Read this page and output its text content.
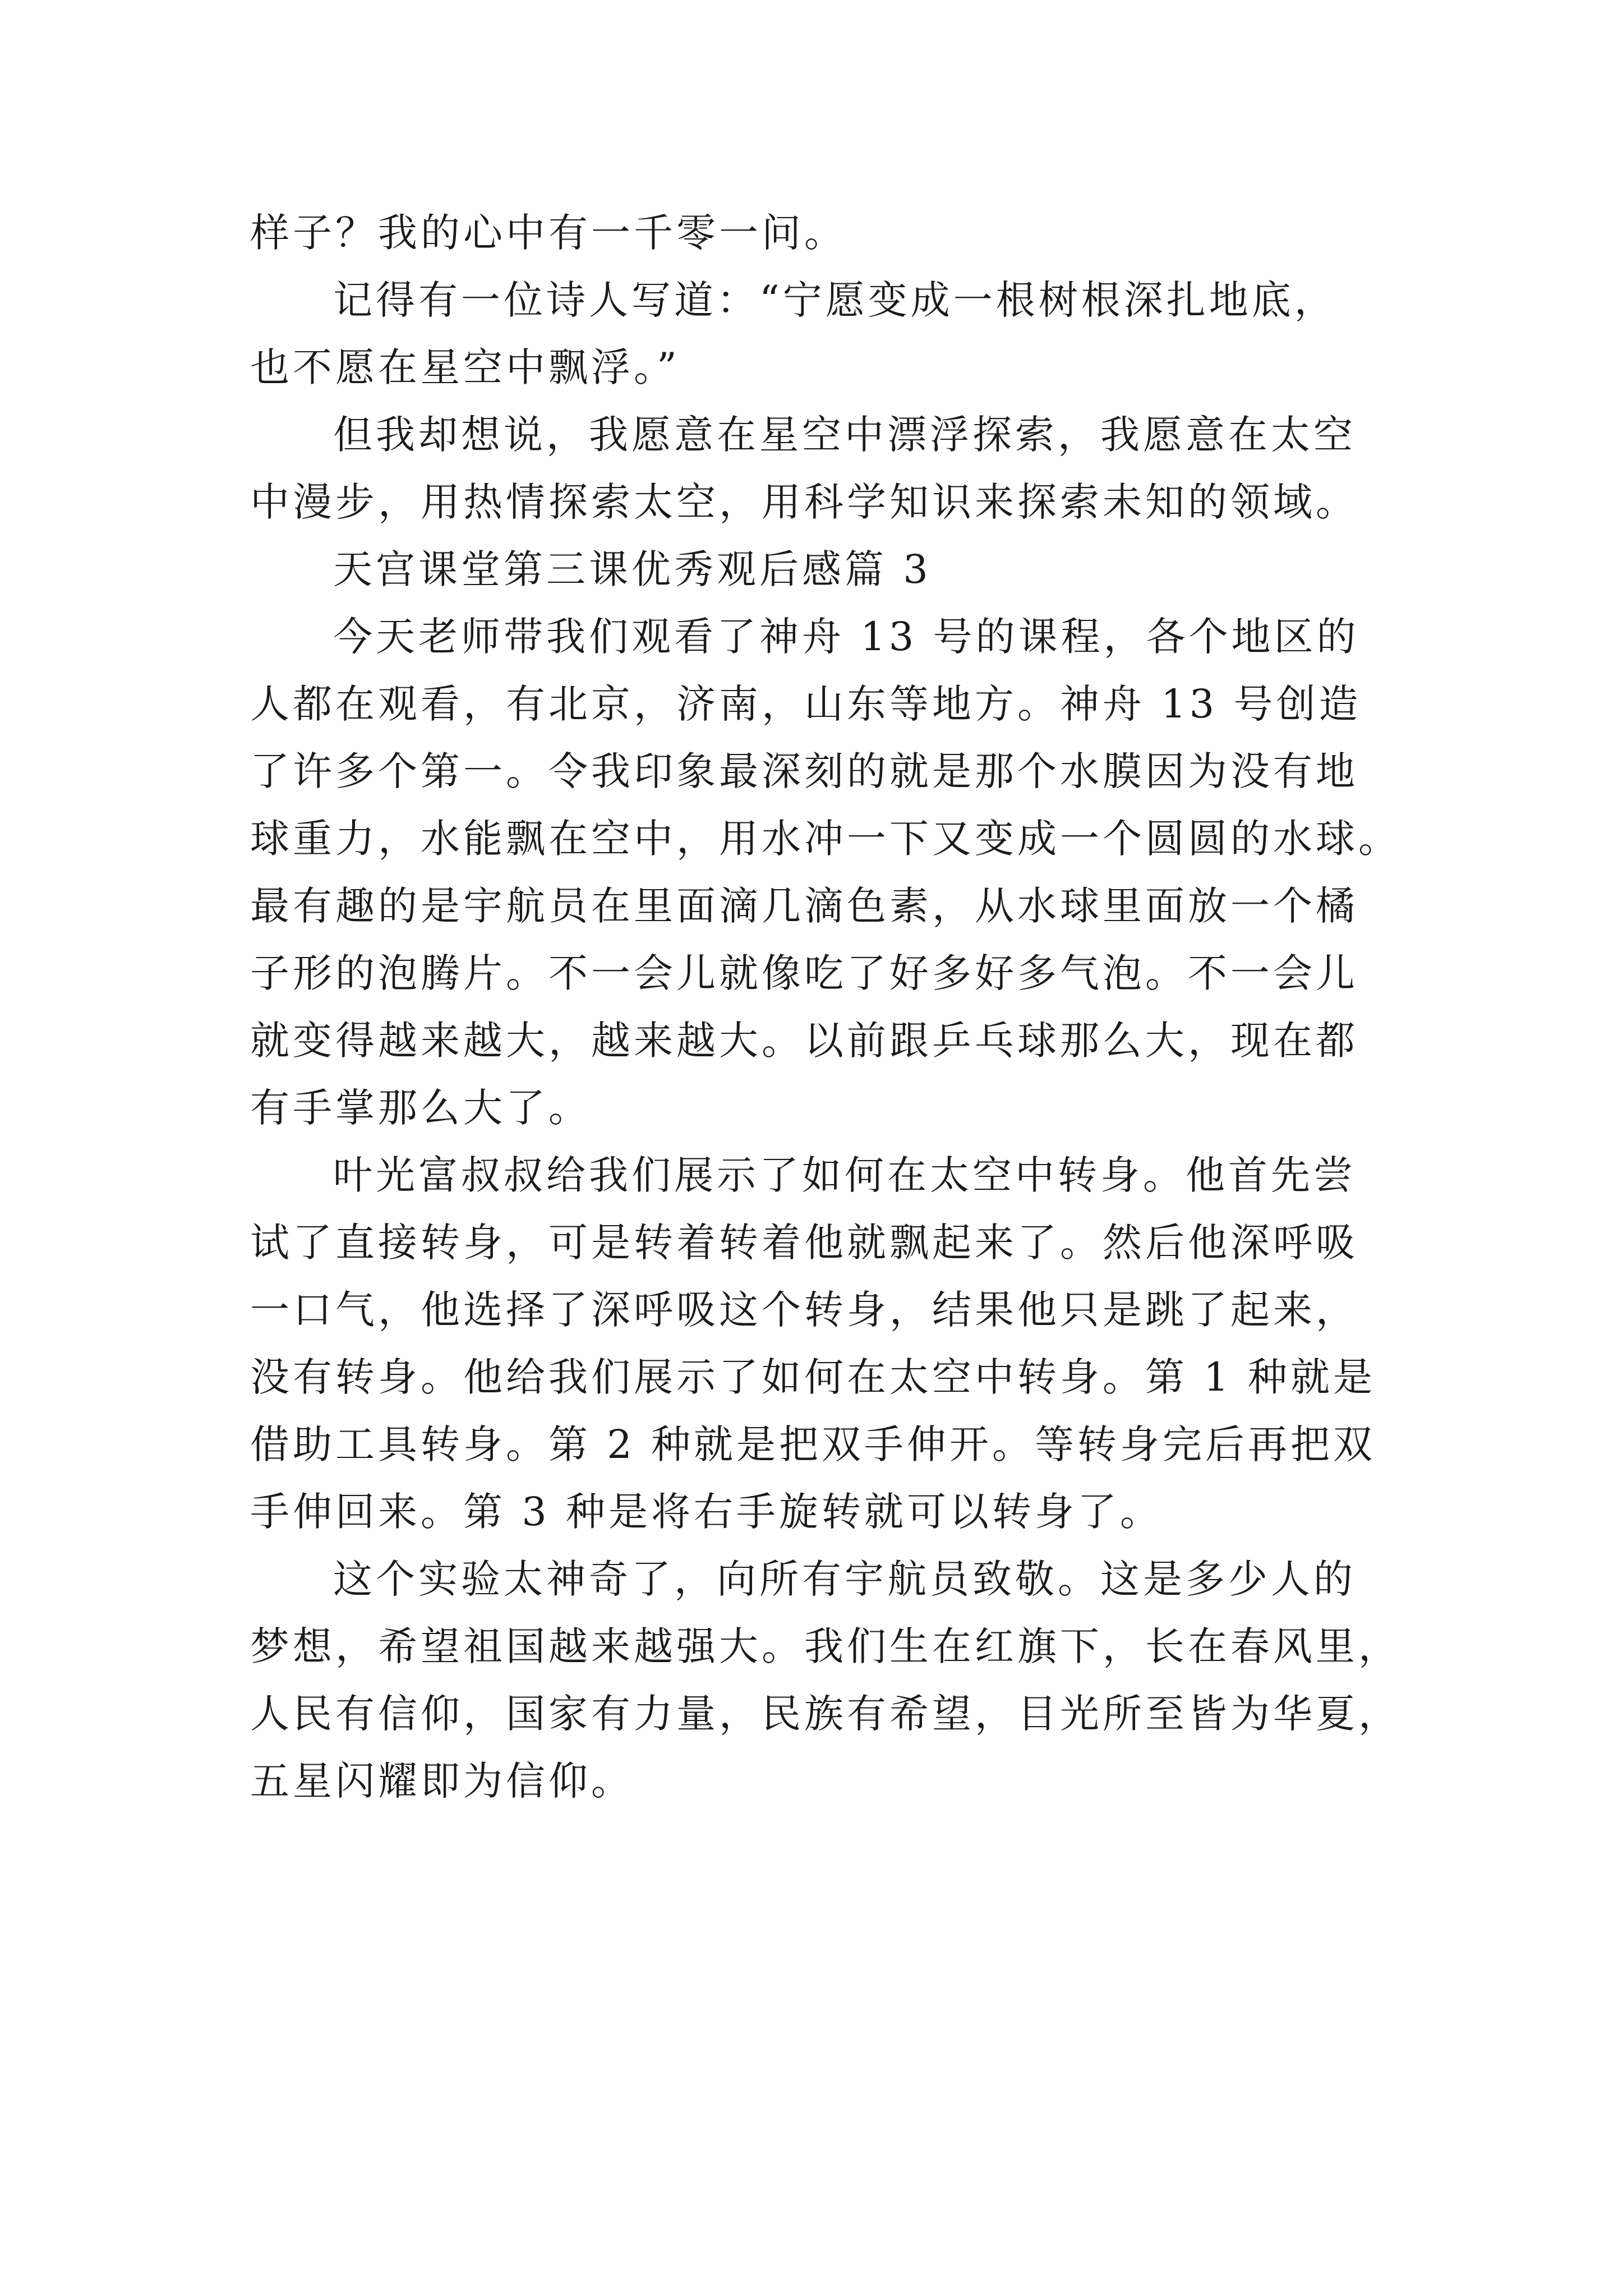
样子？我的心中有一千零一问。
记得有一位诗人写道：“宁愿变成一根树根深扎地底，
也不愿在星空中飘浮。”
但我却想说，我愿意在星空中漂浮探索，我愿意在太空
中漫步，用热情探索太空，用科学知识来探索未知的领域。
天宫课堂第三课优秀观后感篇 3
今天老师带我们观看了神舟 13 号的课程，各个地区的
人都在观看，有北京，济南，山东等地方。神舟 13 号创造
了许多个第一。令我印象最深刻的就是那个水膜因为没有地
球重力，水能飘在空中，用水冲一下又变成一个圆圆的水球。
最有趣的是宇航员在里面滴几滴色素，从水球里面放一个橘
子形的泡腾片。不一会儿就像吃了好多好多气泡。不一会儿
就变得越来越大，越来越大。以前跟乒乓球那么大，现在都
有手掌那么大了。
叶光富叔叔给我们展示了如何在太空中转身。他首先尝
试了直接转身，可是转着转着他就飘起来了。然后他深呼吸
一口气，他选择了深呼吸这个转身，结果他只是跳了起来，
没有转身。他给我们展示了如何在太空中转身。第 1 种就是
借助工具转身。第 2 种就是把双手伸开。等转身完后再把双
手伸回来。第 3 种是将右手旋转就可以转身了。
这个实验太神奇了，向所有宇航员致敬。这是多少人的
梦想，希望祖国越来越强大。我们生在红旗下，长在春风里，
人民有信仰，国家有力量，民族有希望，目光所至皆为华夏，
五星闪耀即为信仰。
